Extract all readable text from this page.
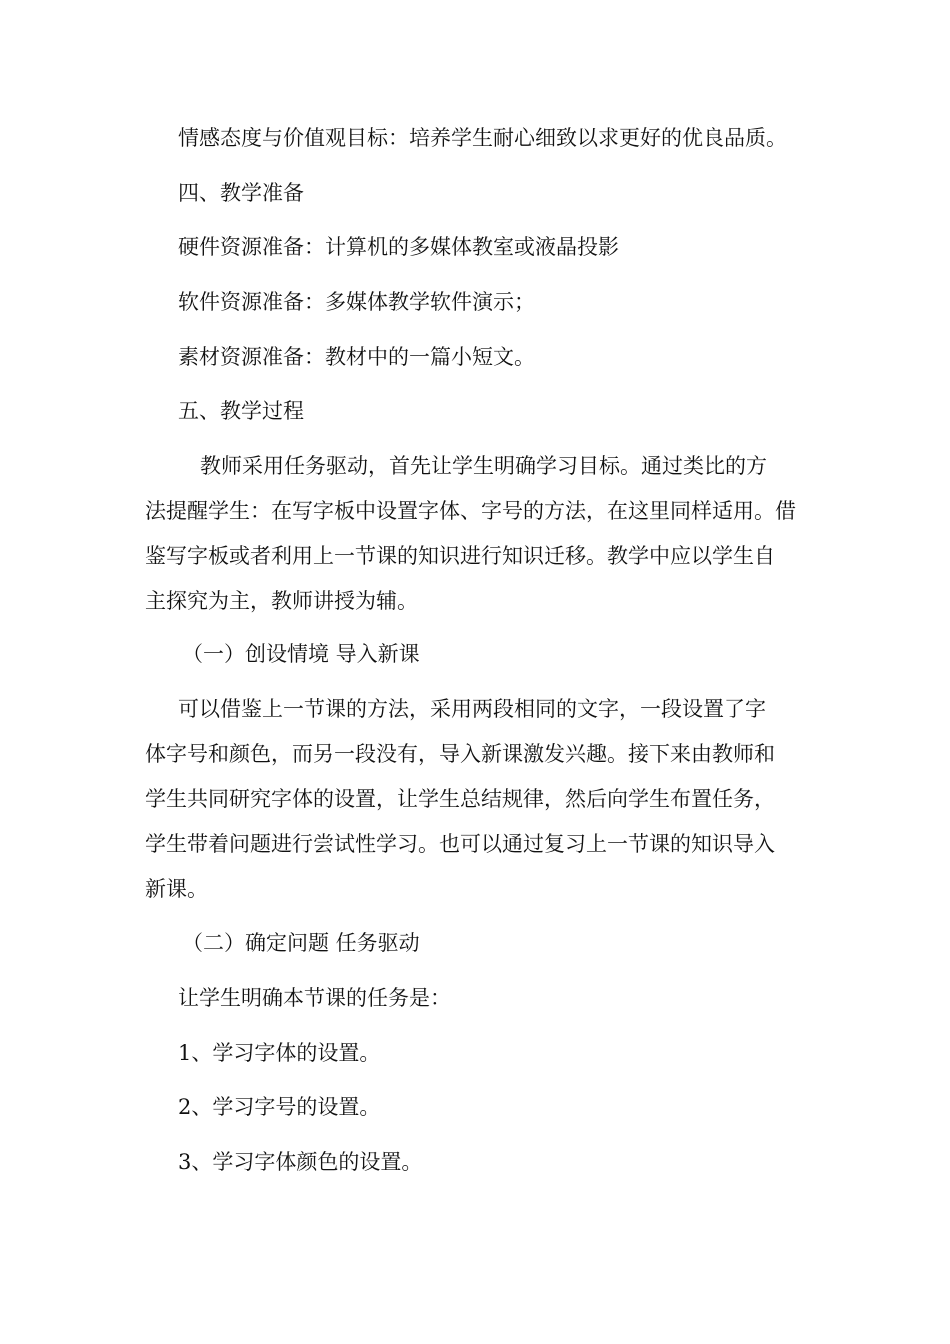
情感态度与价值观目标：培养学生耐心细致以求更好的优良品质。
四、教学准备
硬件资源准备：计算机的多媒体教室或液晶投影
软件资源准备：多媒体教学软件演示；
素材资源准备：教材中的一篇小短文。
五、教学过程
教师采用任务驱动，首先让学生明确学习目标。通过类比的方
法提醒学生：在写字板中设置字体、字号的方法，在这里同样适用。借
鉴写字板或者利用上一节课的知识进行知识迁移。教学中应以学生自
主探究为主，教师讲授为辅。
（一）创设情境 导入新课
可以借鉴上一节课的方法，采用两段相同的文字，一段设置了字
体字号和颜色，而另一段没有，导入新课激发兴趣。接下来由教师和
学生共同研究字体的设置，让学生总结规律，然后向学生布置任务，
学生带着问题进行尝试性学习。也可以通过复习上一节课的知识导入
新课。
（二）确定问题 任务驱动
让学生明确本节课的任务是：
1、学习字体的设置。
2、学习字号的设置。
3、学习字体颜色的设置。
